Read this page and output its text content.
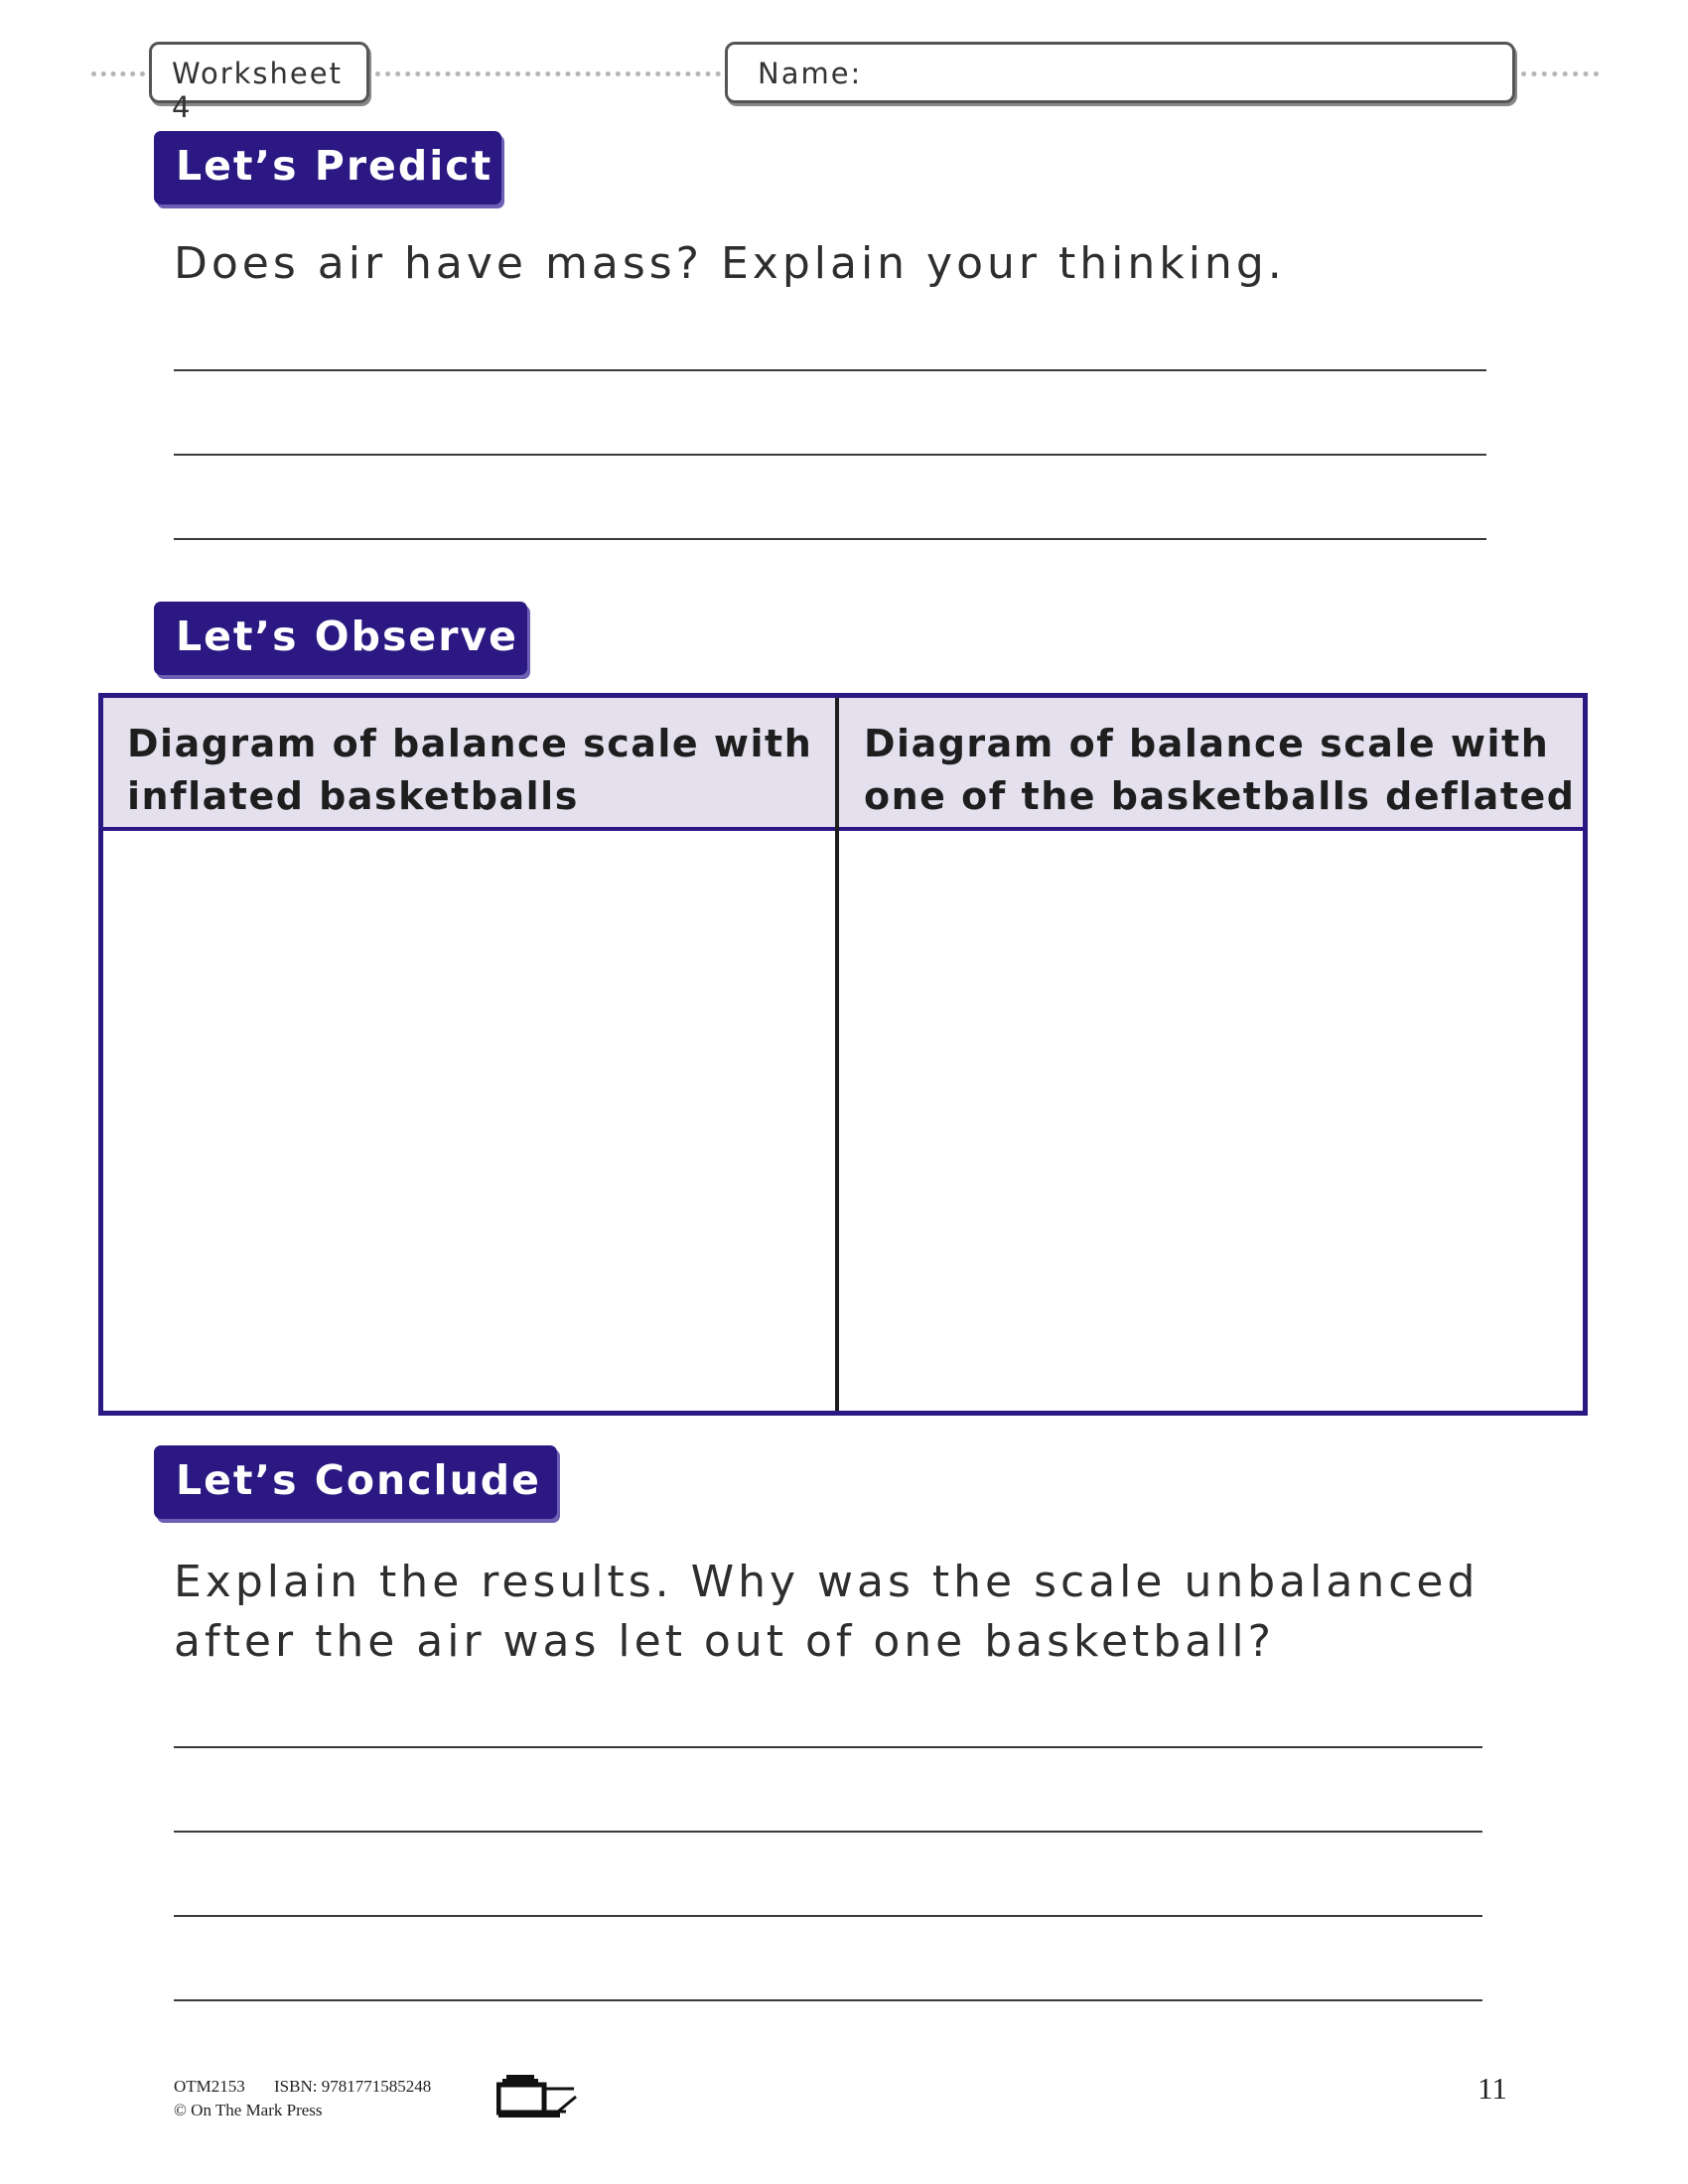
Worksheet 4
Name:
Let’s Predict
Does air have mass? Explain your thinking.
Let’s Observe
Diagram of balance scale with
inflated basketballs
Diagram of balance scale with
one of the basketballs deflated
Let’s Conclude
Explain the results. Why was the scale unbalanced
after the air was let out of one basketball?
OTM2153 ISBN: 9781771585248
© On The Mark Press
11
